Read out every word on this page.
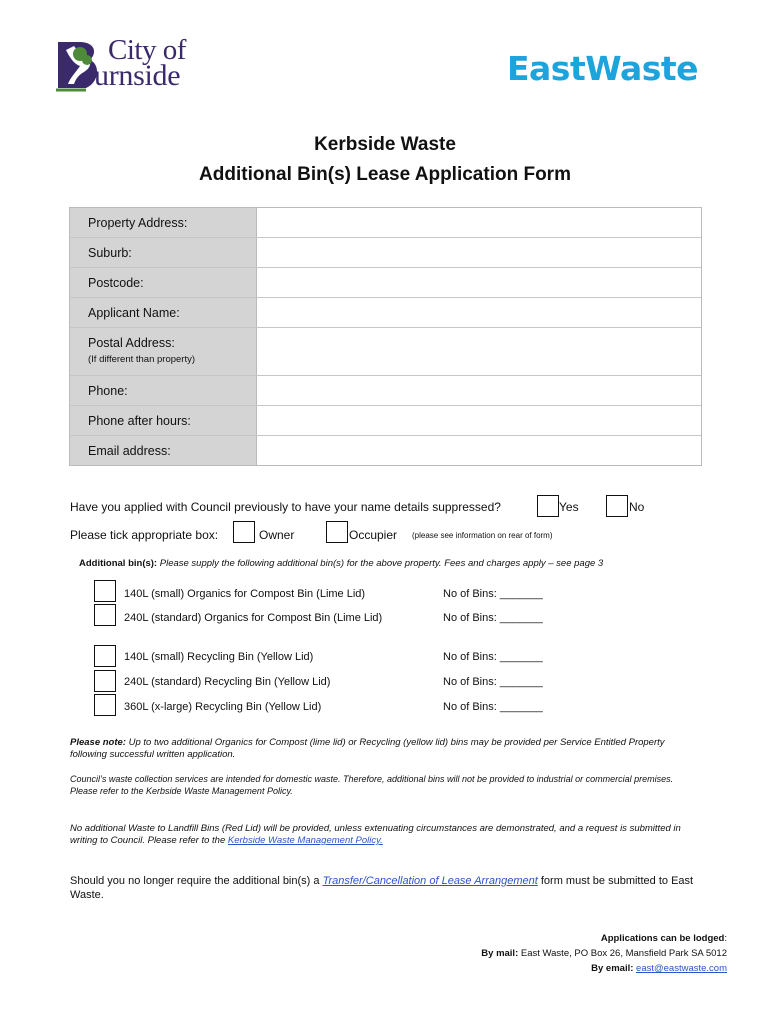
City of
urnside	EastWaste
Kerbside Waste
Additional Bin(s) Lease Application Form
Property Address:
Suburb:
Postcode:
Applicant Name:
Postal Address:
(If different than property)
Phone:
Phone after hours:
Email address:
Have you applied with Council previously to have your name details suppressed?	Yes	No
Please tick appropriate box:	Owner	Occupier (please see information on rear of form)
Additional bin(s): Please supply the following additional bin(s) for the above property. Fees and charges apply – see page 3
140L (small) Organics for Compost Bin (Lime Lid)	No of Bins: _______
240L (standard) Organics for Compost Bin (Lime Lid)	No of Bins: _______
140L (small) Recycling Bin (Yellow Lid)	No of Bins: _______
240L (standard) Recycling Bin (Yellow Lid)	No of Bins: _______
360L (x-large) Recycling Bin (Yellow Lid)	No of Bins: _______
Please note: Up to two additional Organics for Compost (lime lid) or Recycling (yellow lid) bins may be provided per Service Entitled Property following successful written application.
Council’s waste collection services are intended for domestic waste. Therefore, additional bins will not be provided to industrial or commercial premises. Please refer to the Kerbside Waste Management Policy.
No additional Waste to Landfill Bins (Red Lid) will be provided, unless extenuating circumstances are demonstrated, and a request is submitted in writing to Council. Please refer to the Kerbside Waste Management Policy.
Should you no longer require the additional bin(s) a Transfer/Cancellation of Lease Arrangement form must be submitted to East Waste.
Applications can be lodged:
By mail: East Waste, PO Box 26, Mansfield Park SA 5012
By email: east@eastwaste.com
